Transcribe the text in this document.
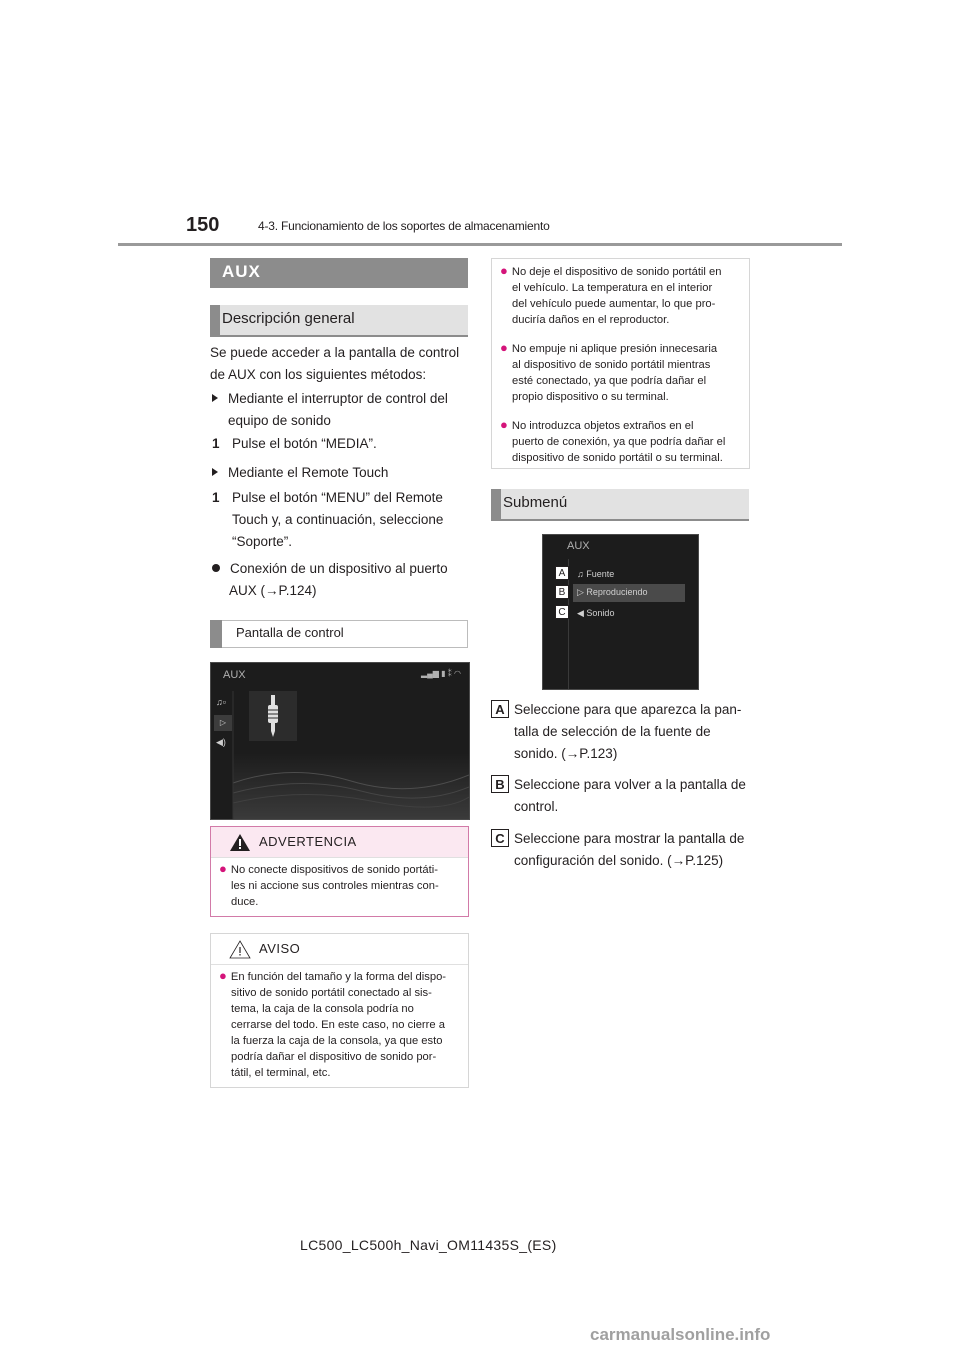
150	4-3. Funcionamiento de los soportes de almacenamiento
AUX
Descripción general
Se puede acceder a la pantalla de control
de AUX con los siguientes métodos:
Mediante el interruptor de control del
equipo de sonido
1 Pulse el botón “MEDIA”.
Mediante el Remote Touch
1 Pulse el botón “MENU” del Remote
Touch y, a continuación, seleccione
“Soporte”.
Conexión de un dispositivo al puerto
AUX (→P.124)
Pantalla de control
AUX	▂▄▆ ▮ ⁑ ◠
♫▫
▷
◀)
ADVERTENCIA
● No conecte dispositivos de sonido portáti-
les ni accione sus controles mientras con-
duce.
AVISO
● En función del tamaño y la forma del dispo-
sitivo de sonido portátil conectado al sis-
tema, la caja de la consola podría no
cerrarse del todo. En este caso, no cierre a
la fuerza la caja de la consola, ya que esto
podría dañar el dispositivo de sonido por-
tátil, el terminal, etc.
● No deje el dispositivo de sonido portátil en
el vehículo. La temperatura en el interior
del vehículo puede aumentar, lo que pro-
duciría daños en el reproductor.
● No empuje ni aplique presión innecesaria
al dispositivo de sonido portátil mientras
esté conectado, ya que podría dañar el
propio dispositivo o su terminal.
● No introduzca objetos extraños en el
puerto de conexión, ya que podría dañar el
dispositivo de sonido portátil o su terminal.
Submenú
AUX
A	♫ Fuente
▷ Reproduciendo
B
C	◀ Sonido
A Seleccione para que aparezca la pan-
talla de selección de la fuente de
sonido. (→P.123)
B Seleccione para volver a la pantalla de
control.
C Seleccione para mostrar la pantalla de
configuración del sonido. (→P.125)
LC500_LC500h_Navi_OM11435S_(ES)
carmanualsonline.info
